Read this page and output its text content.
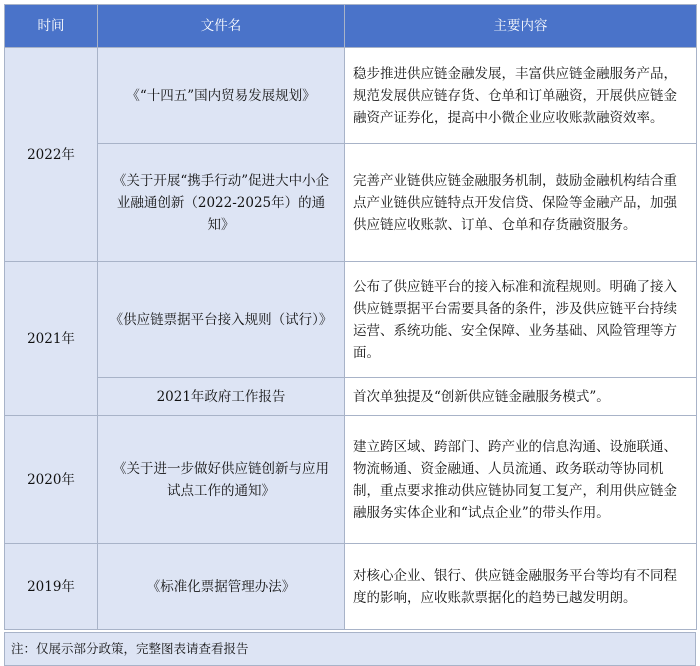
时间	文件名	主要内容
2022年	《“十四五”国内贸易发展规划》	稳步推进供应链金融发展，丰富供应链金融服务产品，规范发展供应链存货、仓单和订单融资，开展供应链金融资产证券化，提高中小微企业应收账款融资效率。
	《关于开展“携手行动”促进大中小企业融通创新（2022-2025年）的通知》	完善产业链供应链金融服务机制，鼓励金融机构结合重点产业链供应链特点开发信贷、保险等金融产品，加强供应链应收账款、订单、仓单和存货融资服务。
2021年	《供应链票据平台接入规则（试行）》	公布了供应链平台的接入标准和流程规则。明确了接入供应链票据平台需要具备的条件，涉及供应链平台持续运营、系统功能、安全保障、业务基础、风险管理等方面。
	2021年政府工作报告	首次单独提及“创新供应链金融服务模式”。
2020年	《关于进一步做好供应链创新与应用试点工作的通知》	建立跨区域、跨部门、跨产业的信息沟通、设施联通、物流畅通、资金融通、人员流通、政务联动等协同机制，重点要求推动供应链协同复工复产，利用供应链金融服务实体企业和“试点企业”的带头作用。
2019年	《标准化票据管理办法》	对核心企业、银行、供应链金融服务平台等均有不同程度的影响，应收账款票据化的趋势已越发明朗。
注：仅展示部分政策，完整图表请查看报告
